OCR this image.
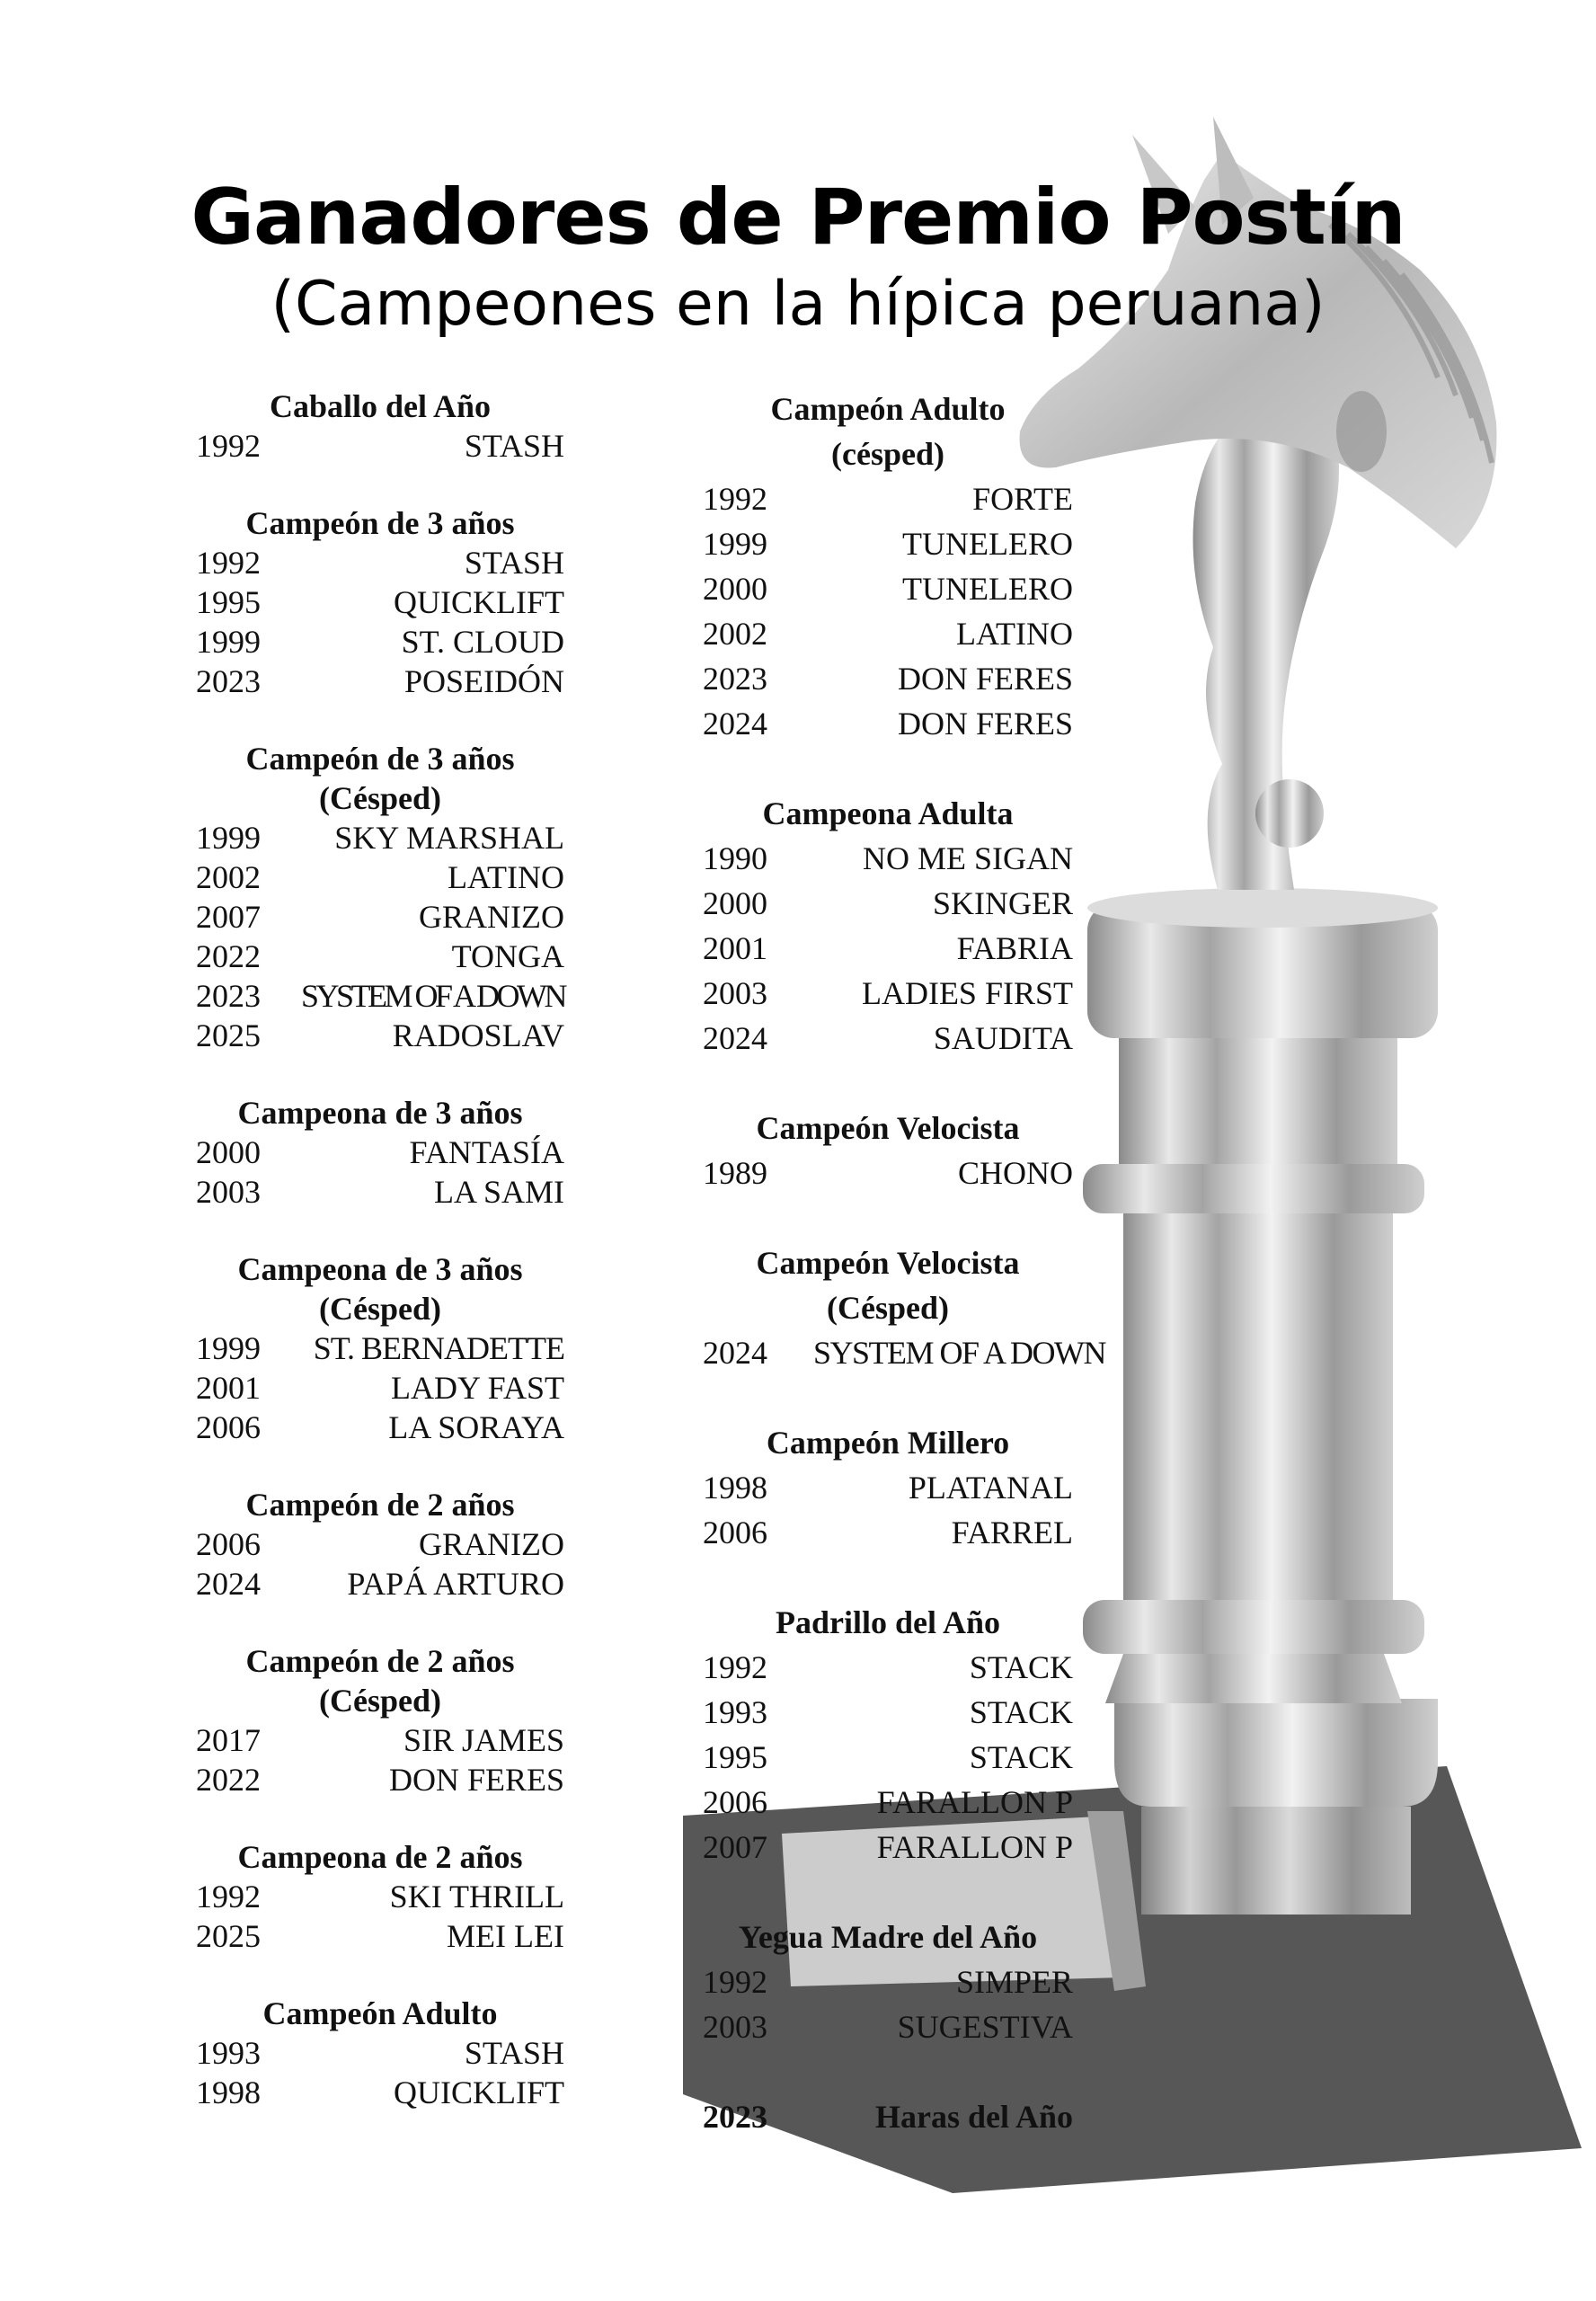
Ganadores de Premio Postín
(Campeones en la hípica peruana)
Caballo del Año
1992	STASH
Campeón de 3 años
1992	STASH
1995	QUICKLIFT
1999	ST. CLOUD
2023	POSEIDÓN
Campeón de 3 años (Césped)
1999 SKY MARSHAL
2002	LATINO
2007	GRANIZO
2022	TONGA
2023 SYSTEM OF A DOWN
2025	RADOSLAV
Campeona de 3 años
2000	FANTASÍA
2003	LA SAMI
Campeona de 3 años (Césped)
1999 ST. BERNADETTE
2001	LADY FAST
2006	LA SORAYA
Campeón de 2 años
2006	GRANIZO
2024	PAPÁ ARTURO
Campeón de 2 años (Césped)
2017	SIR JAMES
2022	DON FERES
Campeona de 2 años
1992	SKI THRILL
2025	MEI LEI
Campeón Adulto
1993	STASH
1998	QUICKLIFT
Campeón Adulto (césped)
1992	FORTE
1999	TUNELERO
2000	TUNELERO
2002	LATINO
2023	DON FERES
2024	DON FERES
Campeona Adulta
1990	NO ME SIGAN
2000	SKINGER
2001	FABRIA
2003	LADIES FIRST
2024	SAUDITA
Campeón Velocista
1989	CHONO
Campeón Velocista (Césped)
2024 SYSTEM OF A DOWN
Campeón Millero
1998	PLATANAL
2006	FARREL
Padrillo del Año
1992	STACK
1993	STACK
1995	STACK
2006	FARALLON P
2007	FARALLON P
Yegua Madre del Año
1992	SIMPER
2003	SUGESTIVA
2023	Haras del Año
